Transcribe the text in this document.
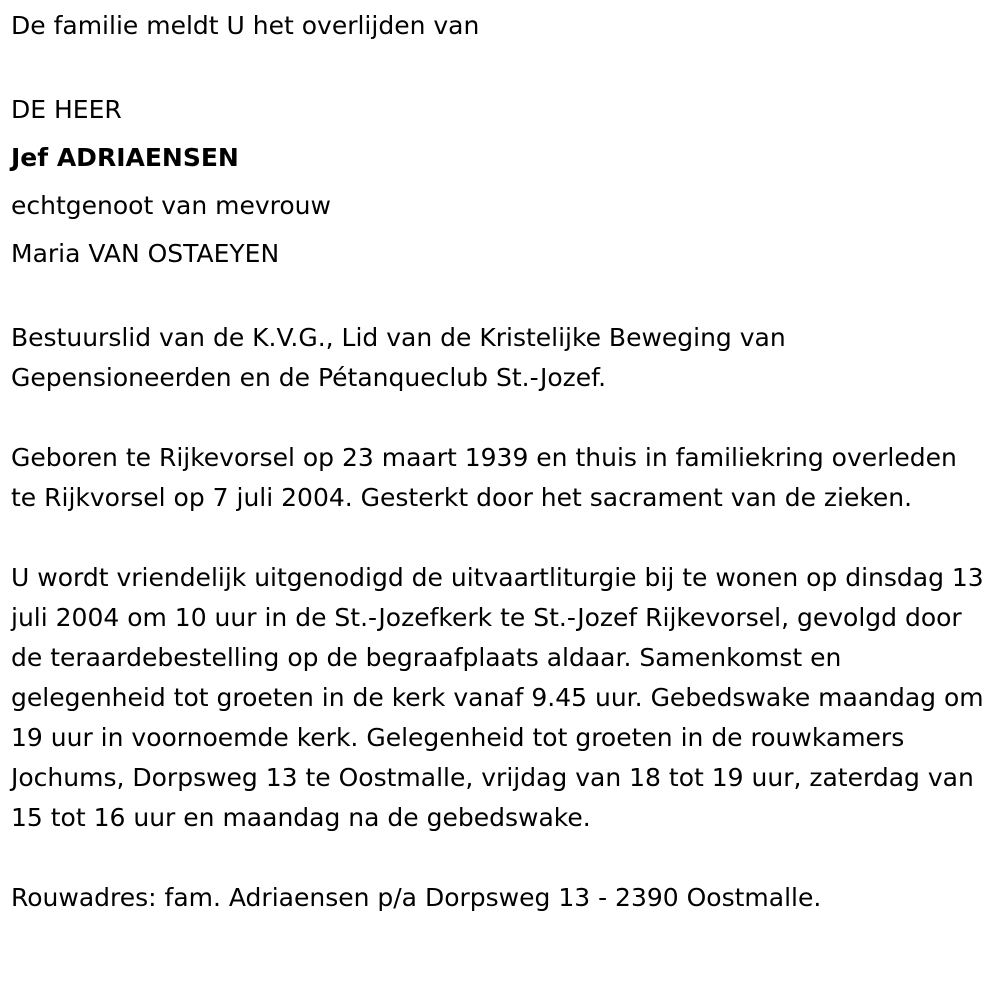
De familie meldt U het overlijden van

DE HEER

Jef ADRIAENSEN

echtgenoot van mevrouw

Maria VAN OSTAEYEN

Bestuurslid van de K.V.G., Lid van de Kristelijke Beweging van Gepensioneerden en de Pétanqueclub St.-Jozef.

Geboren te Rijkevorsel op 23 maart 1939 en thuis in familiekring overleden te Rijkvorsel op 7 juli 2004. Gesterkt door het sacrament van de zieken.

U wordt vriendelijk uitgenodigd de uitvaartliturgie bij te wonen op dinsdag 13 juli 2004 om 10 uur in de St.-Jozefkerk te St.-Jozef Rijkevorsel, gevolgd door de teraardebestelling op de begraafplaats aldaar. Samenkomst en gelegenheid tot groeten in de kerk vanaf 9.45 uur. Gebedswake maandag om 19 uur in voornoemde kerk. Gelegenheid tot groeten in de rouwkamers Jochums, Dorpsweg 13 te Oostmalle, vrijdag van 18 tot 19 uur, zaterdag van 15 tot 16 uur en maandag na de gebedswake.

Rouwadres: fam. Adriaensen p/a Dorpsweg 13 - 2390 Oostmalle.
